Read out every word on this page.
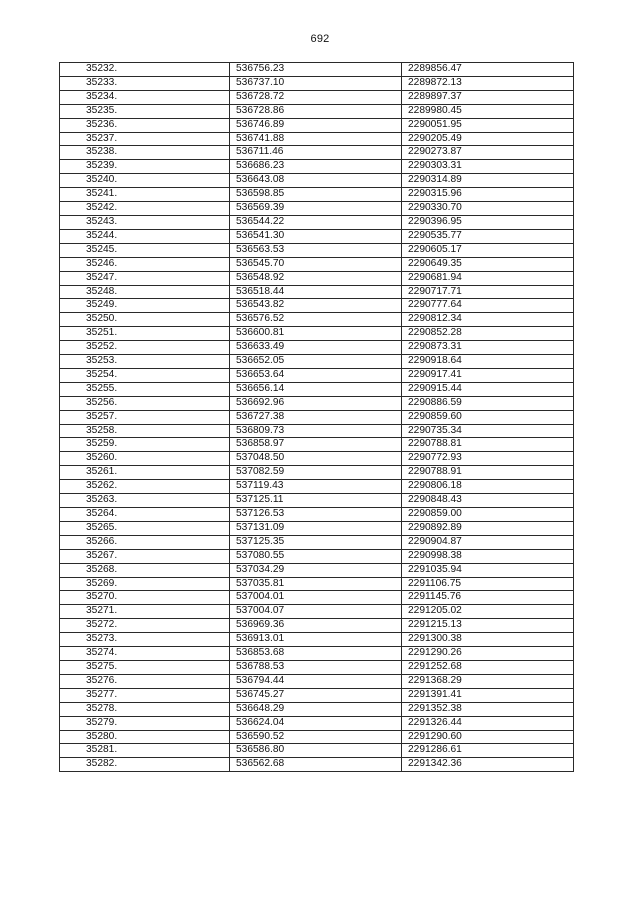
692
35232.	536756.23	2289856.47
35233.	536737.10	2289872.13
35234.	536728.72	2289897.37
35235.	536728.86	2289980.45
35236.	536746.89	2290051.95
35237.	536741.88	2290205.49
35238.	536711.46	2290273.87
35239.	536686.23	2290303.31
35240.	536643.08	2290314.89
35241.	536598.85	2290315.96
35242.	536569.39	2290330.70
35243.	536544.22	2290396.95
35244.	536541.30	2290535.77
35245.	536563.53	2290605.17
35246.	536545.70	2290649.35
35247.	536548.92	2290681.94
35248.	536518.44	2290717.71
35249.	536543.82	2290777.64
35250.	536576.52	2290812.34
35251.	536600.81	2290852.28
35252.	536633.49	2290873.31
35253.	536652.05	2290918.64
35254.	536653.64	2290917.41
35255.	536656.14	2290915.44
35256.	536692.96	2290886.59
35257.	536727.38	2290859.60
35258.	536809.73	2290735.34
35259.	536858.97	2290788.81
35260.	537048.50	2290772.93
35261.	537082.59	2290788.91
35262.	537119.43	2290806.18
35263.	537125.11	2290848.43
35264.	537126.53	2290859.00
35265.	537131.09	2290892.89
35266.	537125.35	2290904.87
35267.	537080.55	2290998.38
35268.	537034.29	2291035.94
35269.	537035.81	2291106.75
35270.	537004.01	2291145.76
35271.	537004.07	2291205.02
35272.	536969.36	2291215.13
35273.	536913.01	2291300.38
35274.	536853.68	2291290.26
35275.	536788.53	2291252.68
35276.	536794.44	2291368.29
35277.	536745.27	2291391.41
35278.	536648.29	2291352.38
35279.	536624.04	2291326.44
35280.	536590.52	2291290.60
35281.	536586.80	2291286.61
35282.	536562.68	2291342.36
